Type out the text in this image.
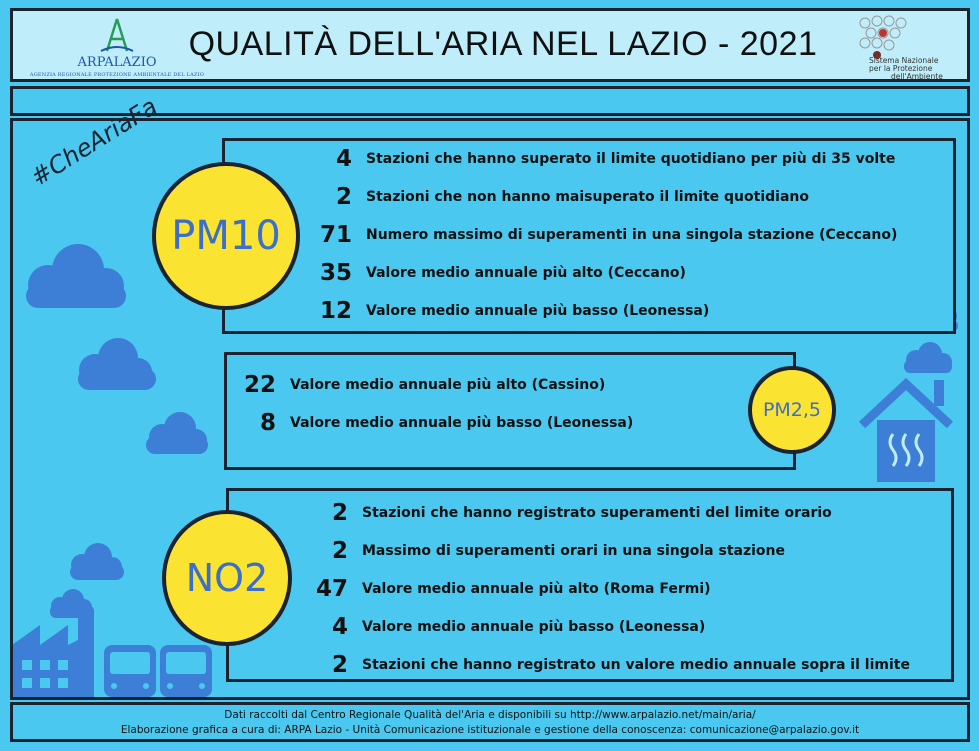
ARPALAZIO
AGENZIA REGIONALE PROTEZIONE AMBIENTALE DEL LAZIO
QUALITÀ DELL'ARIA NEL LAZIO - 2021	Sistema Nazionale
per la Protezione
dell'Ambiente
#CheAriaFa
PM10
4 Stazioni che hanno superato il limite quotidiano per più di 35 volte
2 Stazioni che non hanno maisuperato il limite quotidiano
71 Numero massimo di superamenti in una singola stazione (Ceccano)
35 Valore medio annuale più alto (Ceccano)
12 Valore medio annuale più basso (Leonessa)
PM2,5
22 Valore medio annuale più alto (Cassino)
8 Valore medio annuale più basso (Leonessa)
NO2
2 Stazioni che hanno registrato superamenti del limite orario
2 Massimo di superamenti orari in una singola stazione
47 Valore medio annuale più alto (Roma Fermi)
4 Valore medio annuale più basso (Leonessa)
2 Stazioni che hanno registrato un valore medio annuale sopra il limite
Dati raccolti dal Centro Regionale Qualità del'Aria e disponibili su http://www.arpalazio.net/main/aria/
Elaborazione grafica a cura di: ARPA Lazio - Unità Comunicazione istituzionale e gestione della conoscenza: comunicazione@arpalazio.gov.it
